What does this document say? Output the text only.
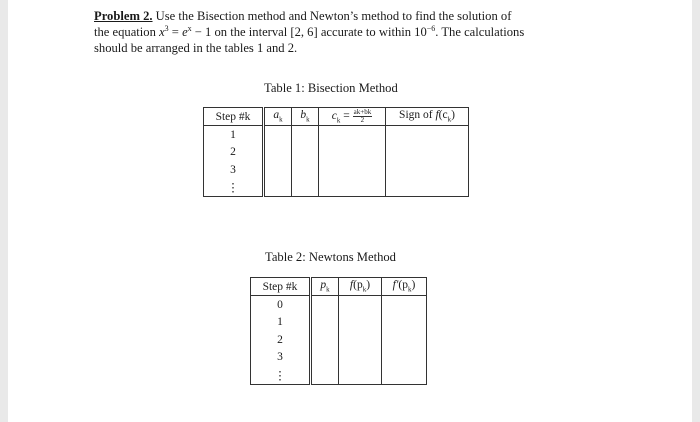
Problem 2. Use the Bisection method and Newton’s method to find the solution of
the equation $x^3 = e^x - 1$ on the interval [2, 6] accurate to within $10^{-6}$. The calculations
should be arranged in the tables 1 and 2.
Table 1: Bisection Method
Step #k	$a_k$	$b_k$	$c_k = \frac{ak+bk}{2}$	Sign of $f(c_k)$
1				
2				
3				
⋮				
Table 2: Newtons Method
Step #k	$p_k$	$f(p_k)$	$f'(p_k)$
0			
1			
2			
3			
⋮			
